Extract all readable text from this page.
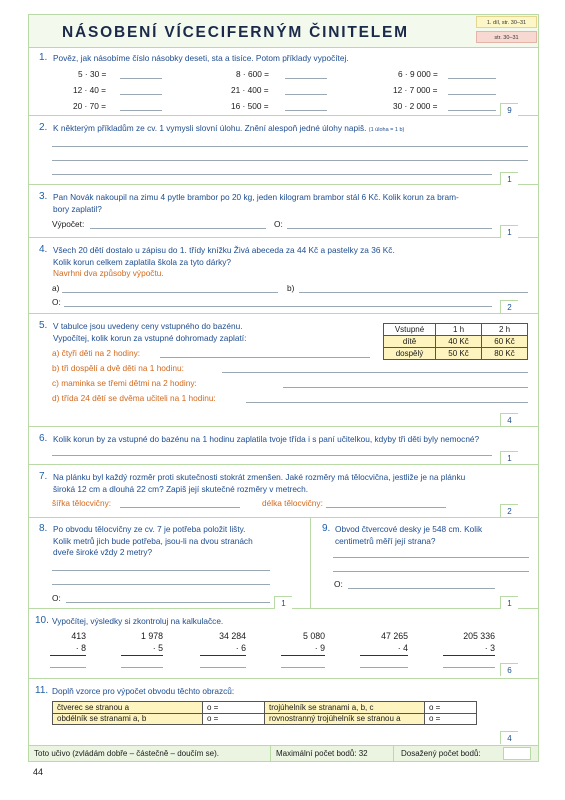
NÁSOBENÍ VÍCECIFERNÝM ČINITELEM
1. díl, str. 30–31
str. 30–31
1. Pověz, jak násobíme číslo násobky deseti, sta a tisíce. Potom příklady vypočítej.
5 · 30 =	8 · 600 =	6 · 9 000 =
12 · 40 =	21 · 400 =	12 · 7 000 =
20 · 70 =	16 · 500 =	30 · 2 000 =	9
2. K některým příkladům ze cv. 1 vymysli slovní úlohu. Znění alespoň jedné úlohy napiš. (1 úloha = 1 b)
1
3. Pan Novák nakoupil na zimu 4 pytle brambor po 20 kg, jeden kilogram brambor stál 6 Kč. Kolik korun za bram-
bory zaplatil?
Výpočet:	O:
1
4. Všech 20 dětí dostalo u zápisu do 1. třídy knížku Živá abeceda za 44 Kč a pastelky za 36 Kč.
Kolik korun celkem zaplatila škola za tyto dárky?
Navrhni dva způsoby výpočtu.
a)	b)
O:
2
5. V tabulce jsou uvedeny ceny vstupného do bazénu.
Vypočítej, kolik korun za vstupné dohromady zaplatí:
a) čtyři děti na 2 hodiny:
b) tři dospělí a dvě děti na 1 hodinu:
c) maminka se třemi dětmi na 2 hodiny:
d) třída 24 dětí se dvěma učiteli na 1 hodinu:
Vstupné	1 h	2 h
dítě	40 Kč	60 Kč
dospělý	50 Kč	80 Kč
4
6. Kolik korun by za vstupné do bazénu na 1 hodinu zaplatila tvoje třída i s paní učitelkou, kdyby tři děti byly nemocné?
1
7. Na plánku byl každý rozměr proti skutečnosti stokrát zmenšen. Jaké rozměry má tělocvična, jestliže je na plánku
široká 12 cm a dlouhá 22 cm? Zapiš její skutečné rozměry v metrech.
šířka tělocvičny:	délka tělocvičny:
2
8. Po obvodu tělocvičny ze cv. 7 je potřeba položit lišty.
Kolik metrů jich bude potřeba, jsou-li na dvou stranách
dveře široké vždy 2 metry?
O:
1
9. Obvod čtvercové desky je 548 cm. Kolik
centimetrů měří její strana?
O:
1
10. Vypočítej, výsledky si zkontroluj na kalkulačce.
413
· 8
1 978
· 5
34 284
· 6
5 080
· 9
47 265
· 4
205 336
· 3
6
11. Doplň vzorce pro výpočet obvodu těchto obrazců:
čtverec se stranou a	o =	trojúhelník se stranami a, b, c	o =
obdélník se stranami a, b	o =	rovnostranný trojúhelník se stranou a	o =
4
Toto učivo (zvládám dobře – částečně – doučím se).	Maximální počet bodů: 32	Dosažený počet bodů:
44
